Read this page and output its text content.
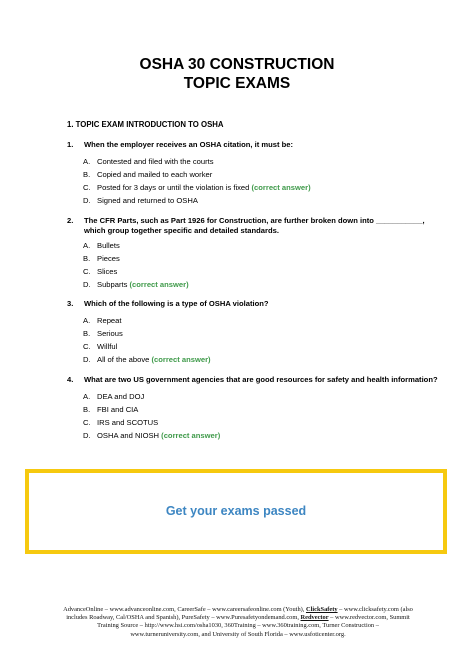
OSHA 30 CONSTRUCTION
TOPIC EXAMS
1. TOPIC EXAM INTRODUCTION TO OSHA
1. When the employer receives an OSHA citation, it must be:
A. Contested and filed with the courts
B. Copied and mailed to each worker
C. Posted for 3 days or until the violation is fixed (correct answer)
D. Signed and returned to OSHA
2. The CFR Parts, such as Part 1926 for Construction, are further broken down into ___________, which group together specific and detailed standards.
A. Bullets
B. Pieces
C. Slices
D. Subparts (correct answer)
3. Which of the following is a type of OSHA violation?
A. Repeat
B. Serious
C. Willful
D. All of the above (correct answer)
4. What are two US government agencies that are good resources for safety and health information?
A. DEA and DOJ
B. FBI and CIA
C. IRS and SCOTUS
D. OSHA and NIOSH (correct answer)
Get your exams passed
AdvanceOnline – www.advanceonline.com, CareerSafe – www.careersafeonline.com (Youth), ClickSafety – www.clicksafety.com (also includes Roadway, Cal/OSHA and Spanish), PureSafety – www.Puresafetyondemand.com, Redvector – www.redvector.com, Summit Training Source – http://www.hsi.com/osha1030, 360Training – www.360training.com, Turner Construction – www.turneruniversity.com, and University of South Florida – www.usfoticenter.org.
